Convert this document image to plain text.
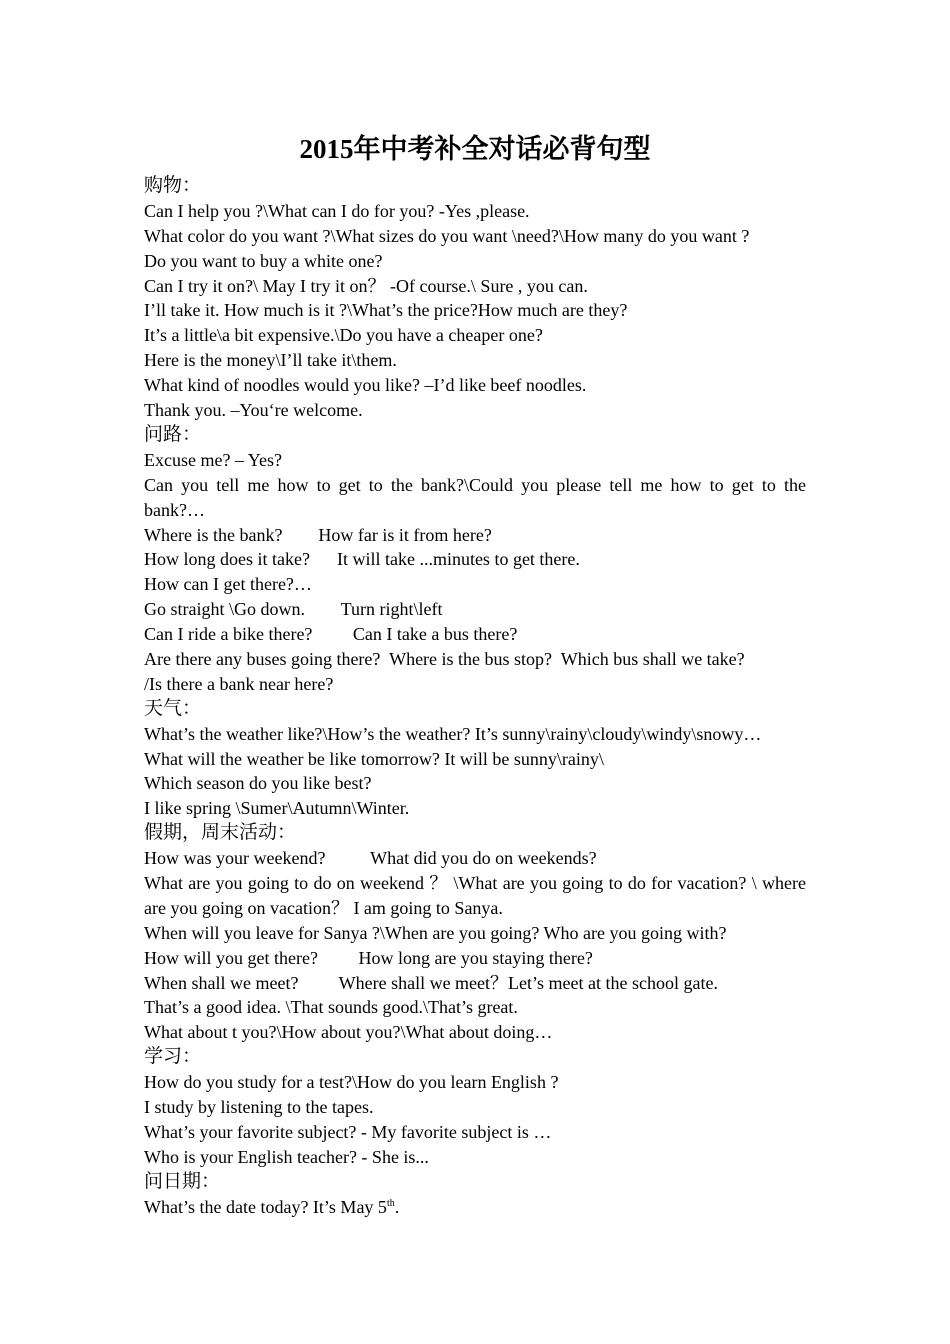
2015年中考补全对话必背句型
购物：
Can I help you ?\What can I do for you? -Yes ,please.
What color do you want ?\What sizes do you want \need?\How many do you want ?
Do you want to buy a white one?
Can I try it on?\ May I try it on？ -Of course.\ Sure , you can.
I’ll take it. How much is it ?\What’s the price?How much are they?
It’s a little\a bit expensive.\Do you have a cheaper one?
Here is the money\I’ll take it\them.
What kind of noodles would you like? –I’d like beef noodles.
Thank you. –You‘re welcome.
问路：
Excuse me? – Yes?
Can you tell me how to get to the bank?\Could you please tell me how to get to the bank?…
Where is the bank?        How far is it from here?
How long does it take?      It will take ...minutes to get there.
How can I get there?…
Go straight \Go down.        Turn right\left
Can I ride a bike there?         Can I take a bus there?
Are there any buses going there?  Where is the bus stop?  Which bus shall we take?
/Is there a bank near here?
天气：
What’s the weather like?\How’s the weather? It’s sunny\rainy\cloudy\windy\snowy…
What will the weather be like tomorrow? It will be sunny\rainy\
Which season do you like best?
I like spring \Sumer\Autumn\Winter.
假期，周末活动：
How was your weekend?          What did you do on weekends?
What are you going to do on weekend ？ \What are you going to do for vacation? \ where are you going on vacation？ I am going to Sanya.
When will you leave for Sanya ?\When are you going? Who are you going with?
How will you get there?         How long are you staying there?
When shall we meet?         Where shall we meet？Let’s meet at the school gate.
That’s a good idea. \That sounds good.\That’s great.
What about t you?\How about you?\What about doing…
学习：
How do you study for a test?\How do you learn English ?
I study by listening to the tapes.
What’s your favorite subject? - My favorite subject is …
Who is your English teacher? - She is...
问日期：
What’s the date today? It’s May 5th.
